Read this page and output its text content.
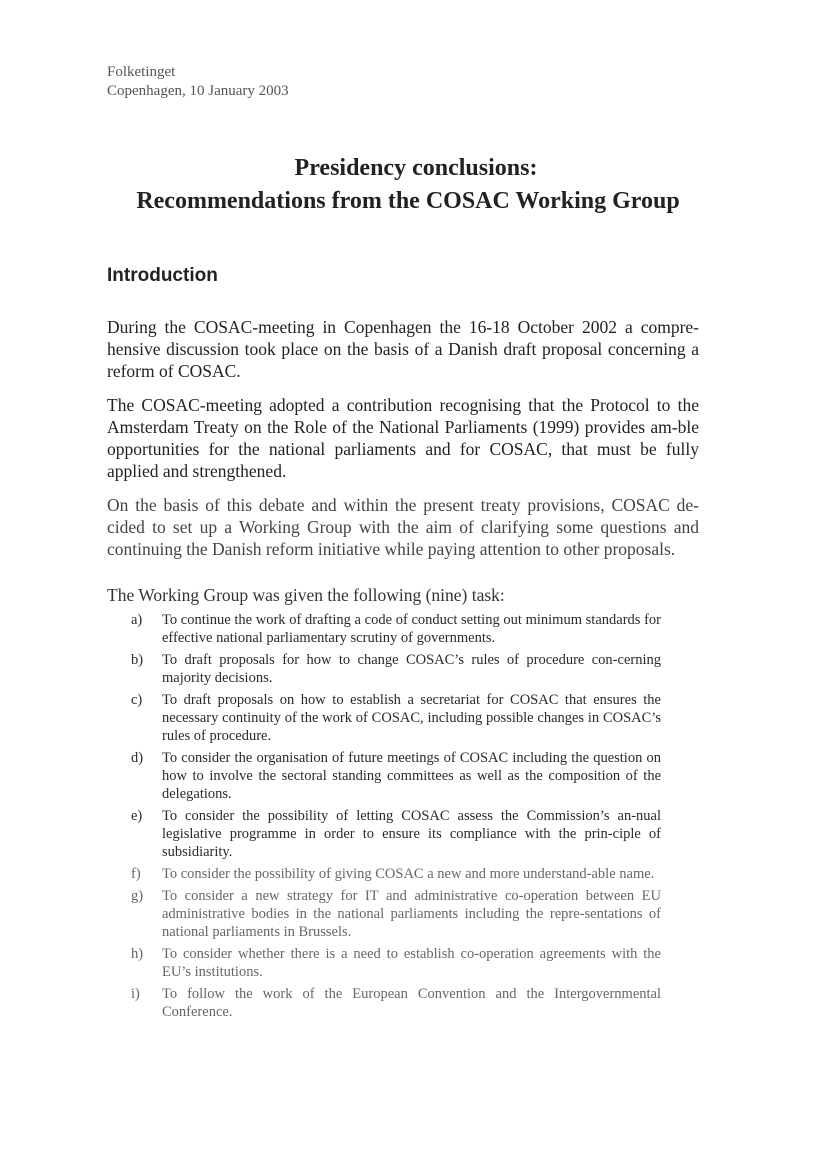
Folketinget
Copenhagen, 10 January 2003
Presidency conclusions:
Recommendations from the COSAC Working Group
Introduction
During the COSAC-meeting in Copenhagen the 16-18 October 2002 a compre-hensive discussion took place on the basis of a Danish draft proposal concerning a reform of COSAC.
The COSAC-meeting adopted a contribution recognising that the Protocol to the Amsterdam Treaty on the Role of the National Parliaments (1999) provides am-ble opportunities for the national parliaments and for COSAC, that must be fully applied and strengthened.
On the basis of this debate and within the present treaty provisions, COSAC de-cided to set up a Working Group with the aim of clarifying some questions and continuing the Danish reform initiative while paying attention to other proposals.
The Working Group was given the following (nine) task:
a) To continue the work of drafting a code of conduct setting out minimum standards for effective national parliamentary scrutiny of governments.
b) To draft proposals for how to change COSAC’s rules of procedure con-cerning majority decisions.
c) To draft proposals on how to establish a secretariat for COSAC that ensures the necessary continuity of the work of COSAC, including possible changes in COSAC’s rules of procedure.
d) To consider the organisation of future meetings of COSAC including the question on how to involve the sectoral standing committees as well as the composition of the delegations.
e) To consider the possibility of letting COSAC assess the Commission’s an-nual legislative programme in order to ensure its compliance with the prin-ciple of subsidiarity.
f) To consider the possibility of giving COSAC a new and more understand-able name.
g) To consider a new strategy for IT and administrative co-operation between EU administrative bodies in the national parliaments including the repre-sentations of national parliaments in Brussels.
h) To consider whether there is a need to establish co-operation agreements with the EU’s institutions.
i) To follow the work of the European Convention and the Intergovernmental Conference.
